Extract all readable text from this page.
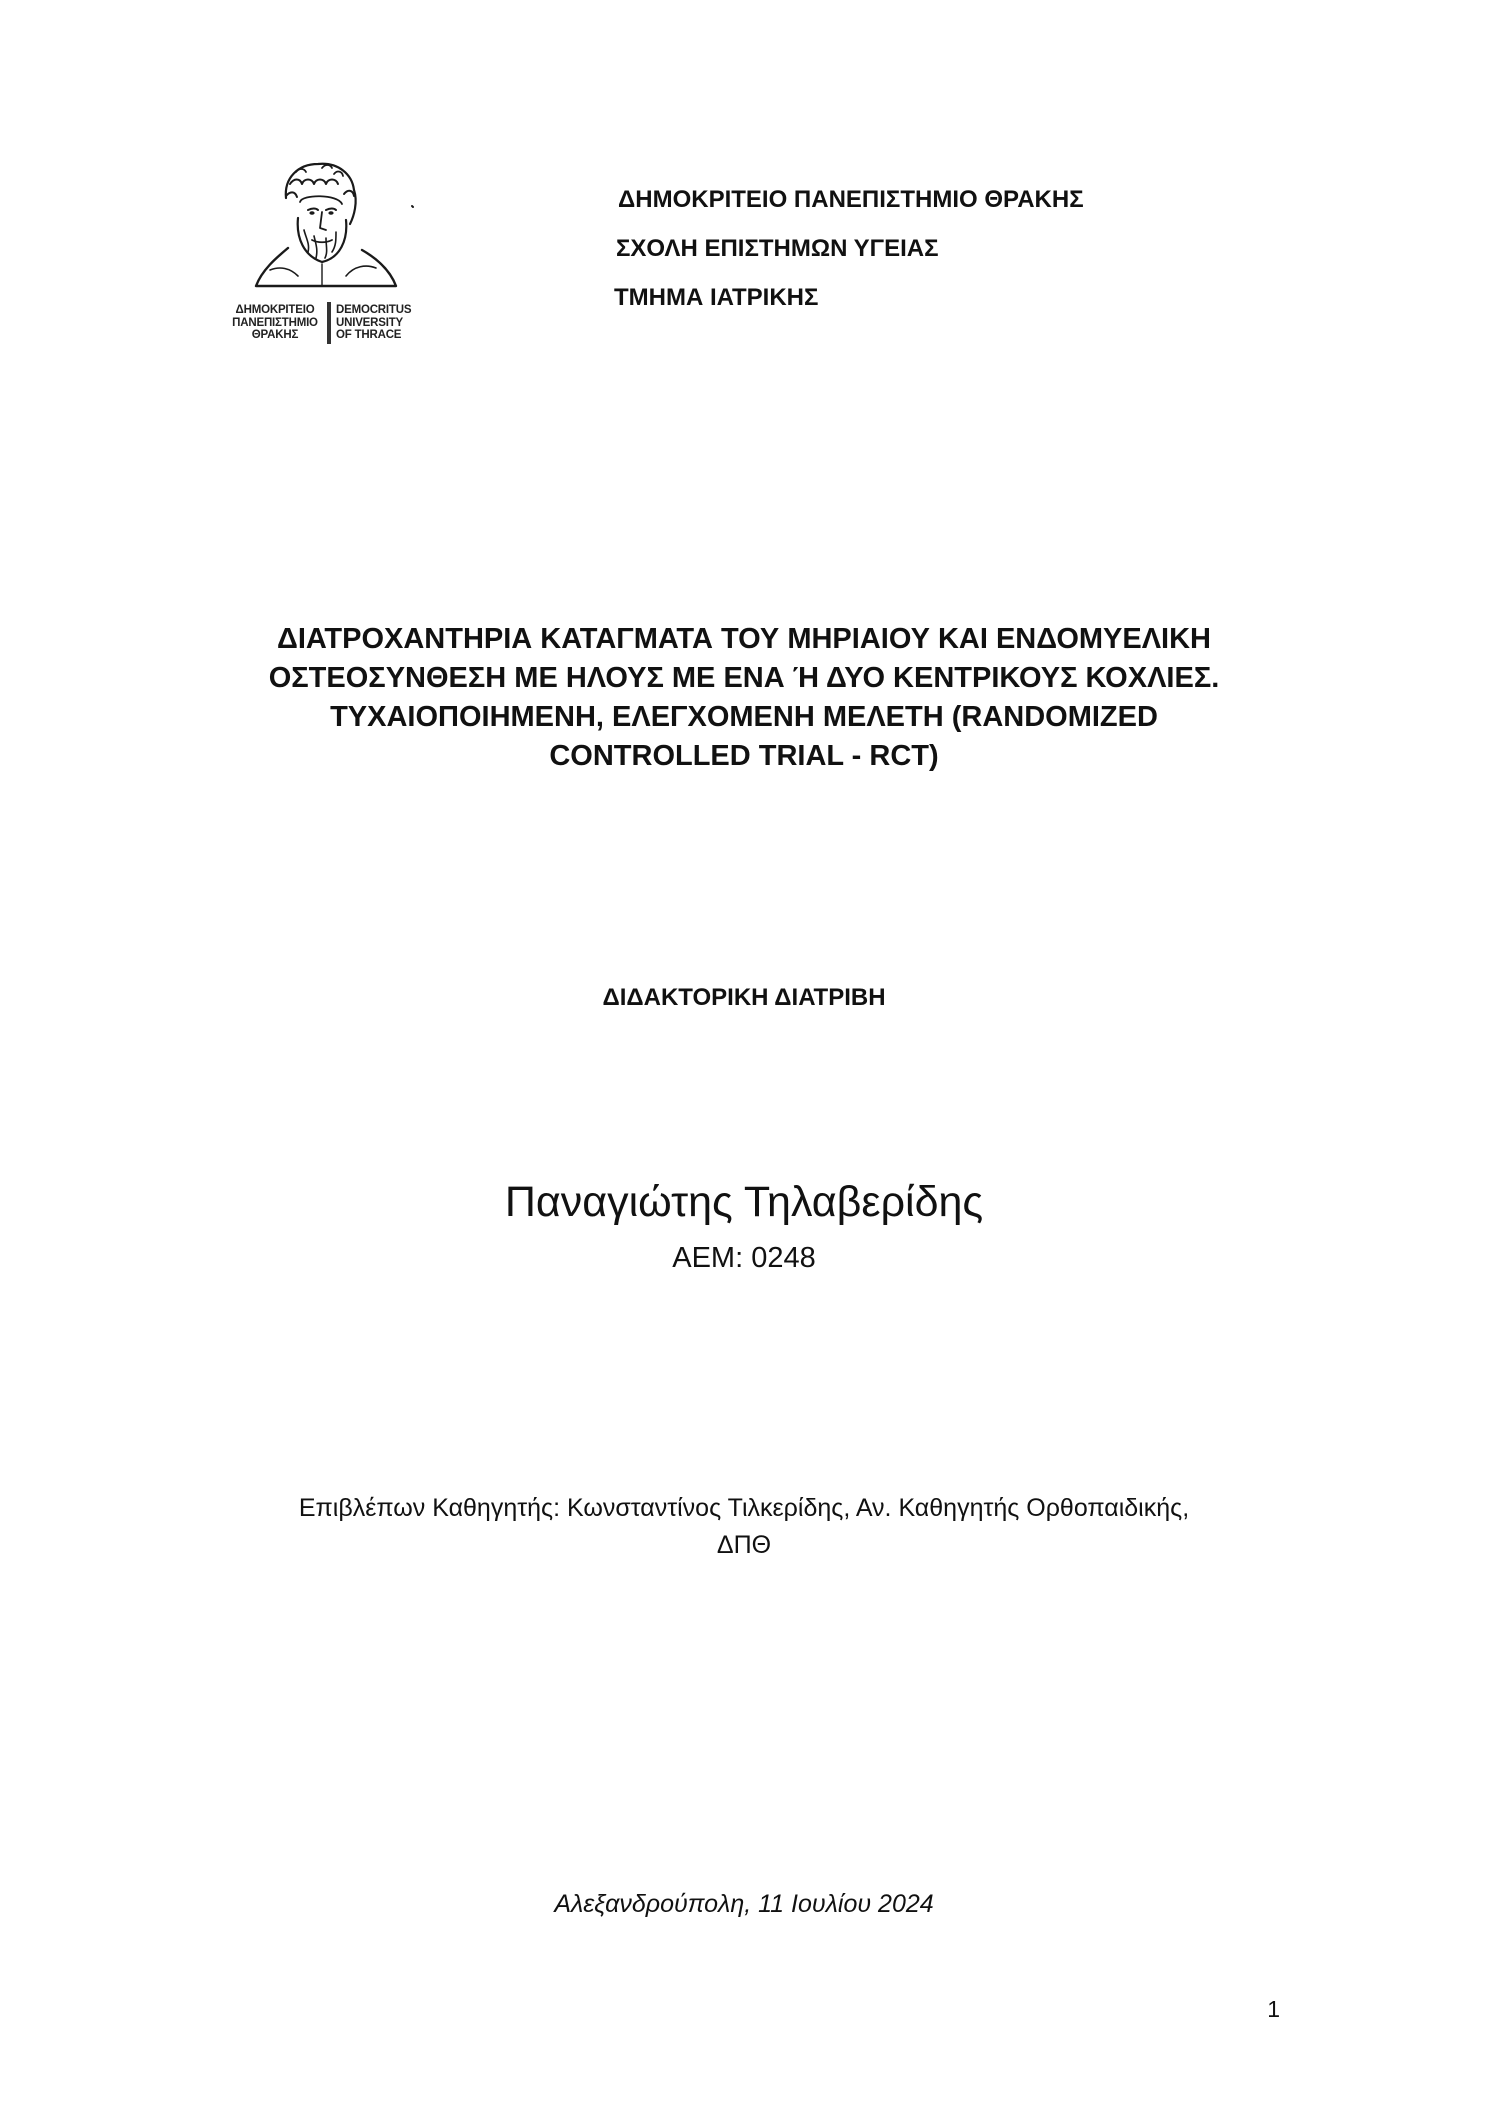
ΔΗΜΟΚΡΙΤΕΙΟ
ΠΑΝΕΠΙΣΤΗΜΙΟ
ΘΡΑΚΗΣ
DEMOCRITUS
UNIVERSITY
OF THRACE
ΔΗΜΟΚΡΙΤΕΙΟ ΠΑΝΕΠΙΣΤΗΜΙΟ ΘΡΑΚΗΣ
ΣΧΟΛΗ ΕΠΙΣΤΗΜΩΝ ΥΓΕΙΑΣ
ΤΜΗΜΑ ΙΑΤΡΙΚΗΣ
ΔΙΑΤΡΟΧΑΝΤΗΡΙΑ ΚΑΤΑΓΜΑΤΑ ΤΟΥ ΜΗΡΙΑΙΟΥ ΚΑΙ ΕΝΔΟΜΥΕΛΙΚΗ
ΟΣΤΕΟΣΥΝΘΕΣΗ ΜΕ ΗΛΟΥΣ ΜΕ ΕΝΑ Ή ΔΥΟ ΚΕΝΤΡΙΚΟΥΣ ΚΟΧΛΙΕΣ.
ΤΥΧΑΙΟΠΟΙΗΜΕΝΗ, ΕΛΕΓΧΟΜΕΝΗ ΜΕΛΕΤΗ (RANDOMIZED
CONTROLLED TRIAL - RCT)
ΔΙΔΑΚΤΟΡΙΚΗ ΔΙΑΤΡΙΒΗ
Παναγιώτης Τηλαβερίδης
ΑΕΜ: 0248
Επιβλέπων Καθηγητής: Κωνσταντίνος Τιλκερίδης, Αν. Καθηγητής Ορθοπαιδικής,
ΔΠΘ
Αλεξανδρούπολη, 11 Ιουλίου 2024
1
